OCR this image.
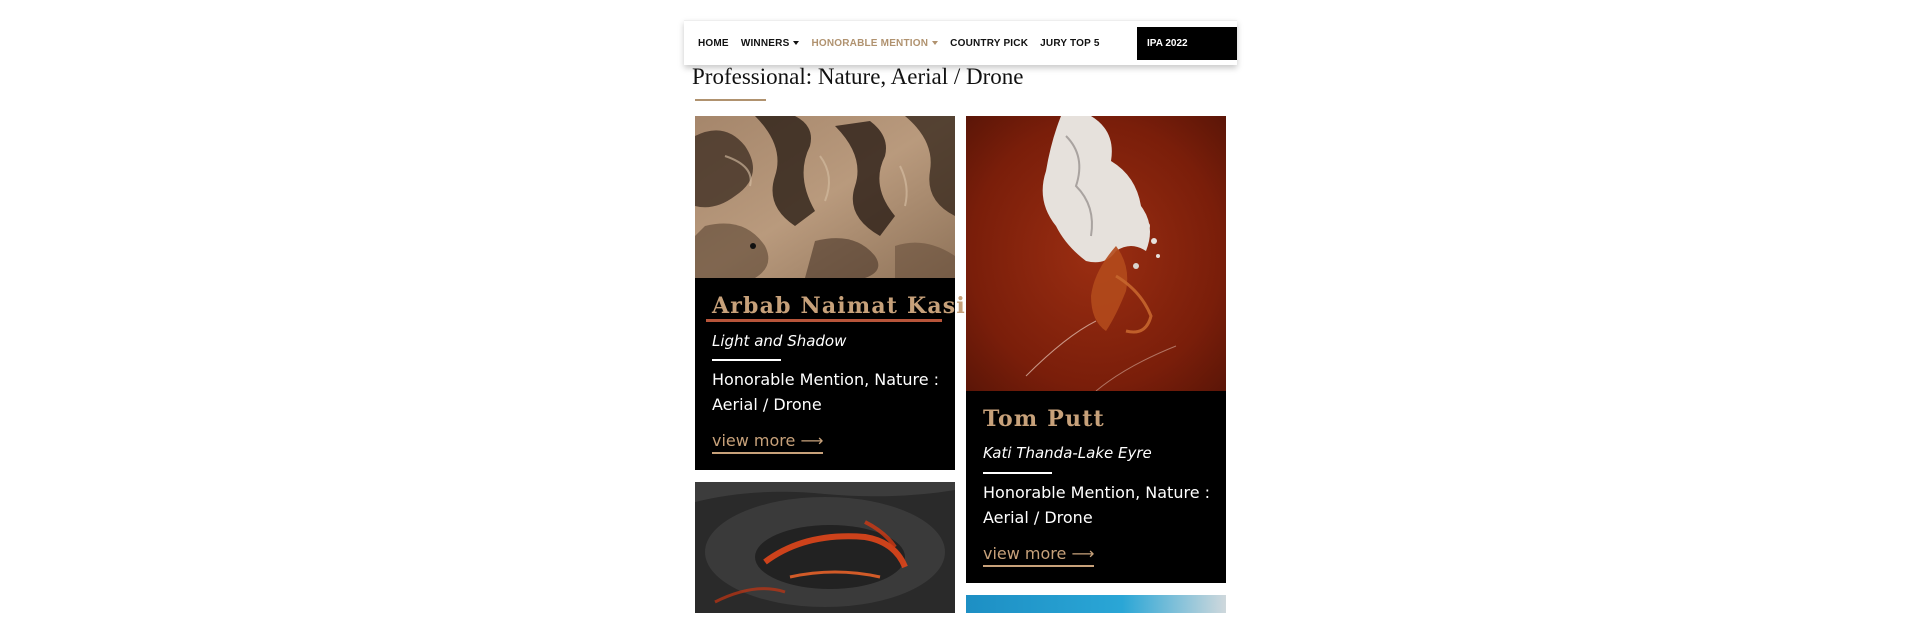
HOME WINNERS HONORABLE MENTION COUNTRY PICK JURY TOP 5	IPA 2022
Professional: Nature, Aerial / Drone
Arbab Naimat Kasi
Light and Shadow
Honorable Mention, Nature : Aerial / Drone
view more ⟶
Tom Putt
Kati Thanda-Lake Eyre
Honorable Mention, Nature : Aerial / Drone
view more ⟶
